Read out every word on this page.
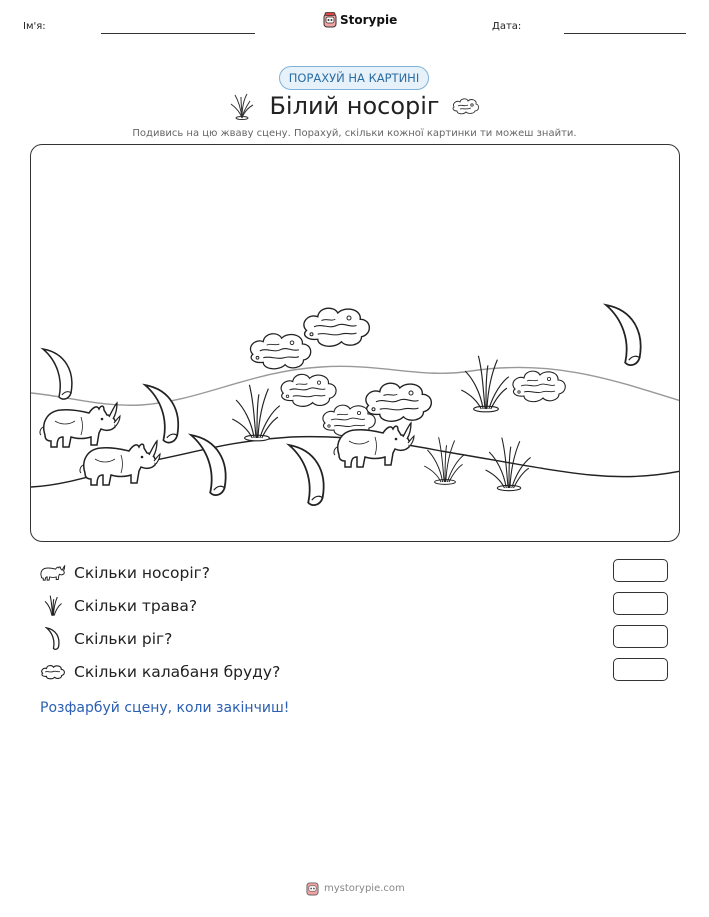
Ім'я:	Storypie	Дата:
ПОРАХУЙ НА КАРТИНІ
Білий носоріг
Подивись на цю жваву сцену. Порахуй, скільки кожної картинки ти можеш знайти.
Скільки носоріг?
Скільки трава?
Скільки ріг?
Скільки калабаня бруду?
Розфарбуй сцену, коли закінчиш!
mystorypie.com
